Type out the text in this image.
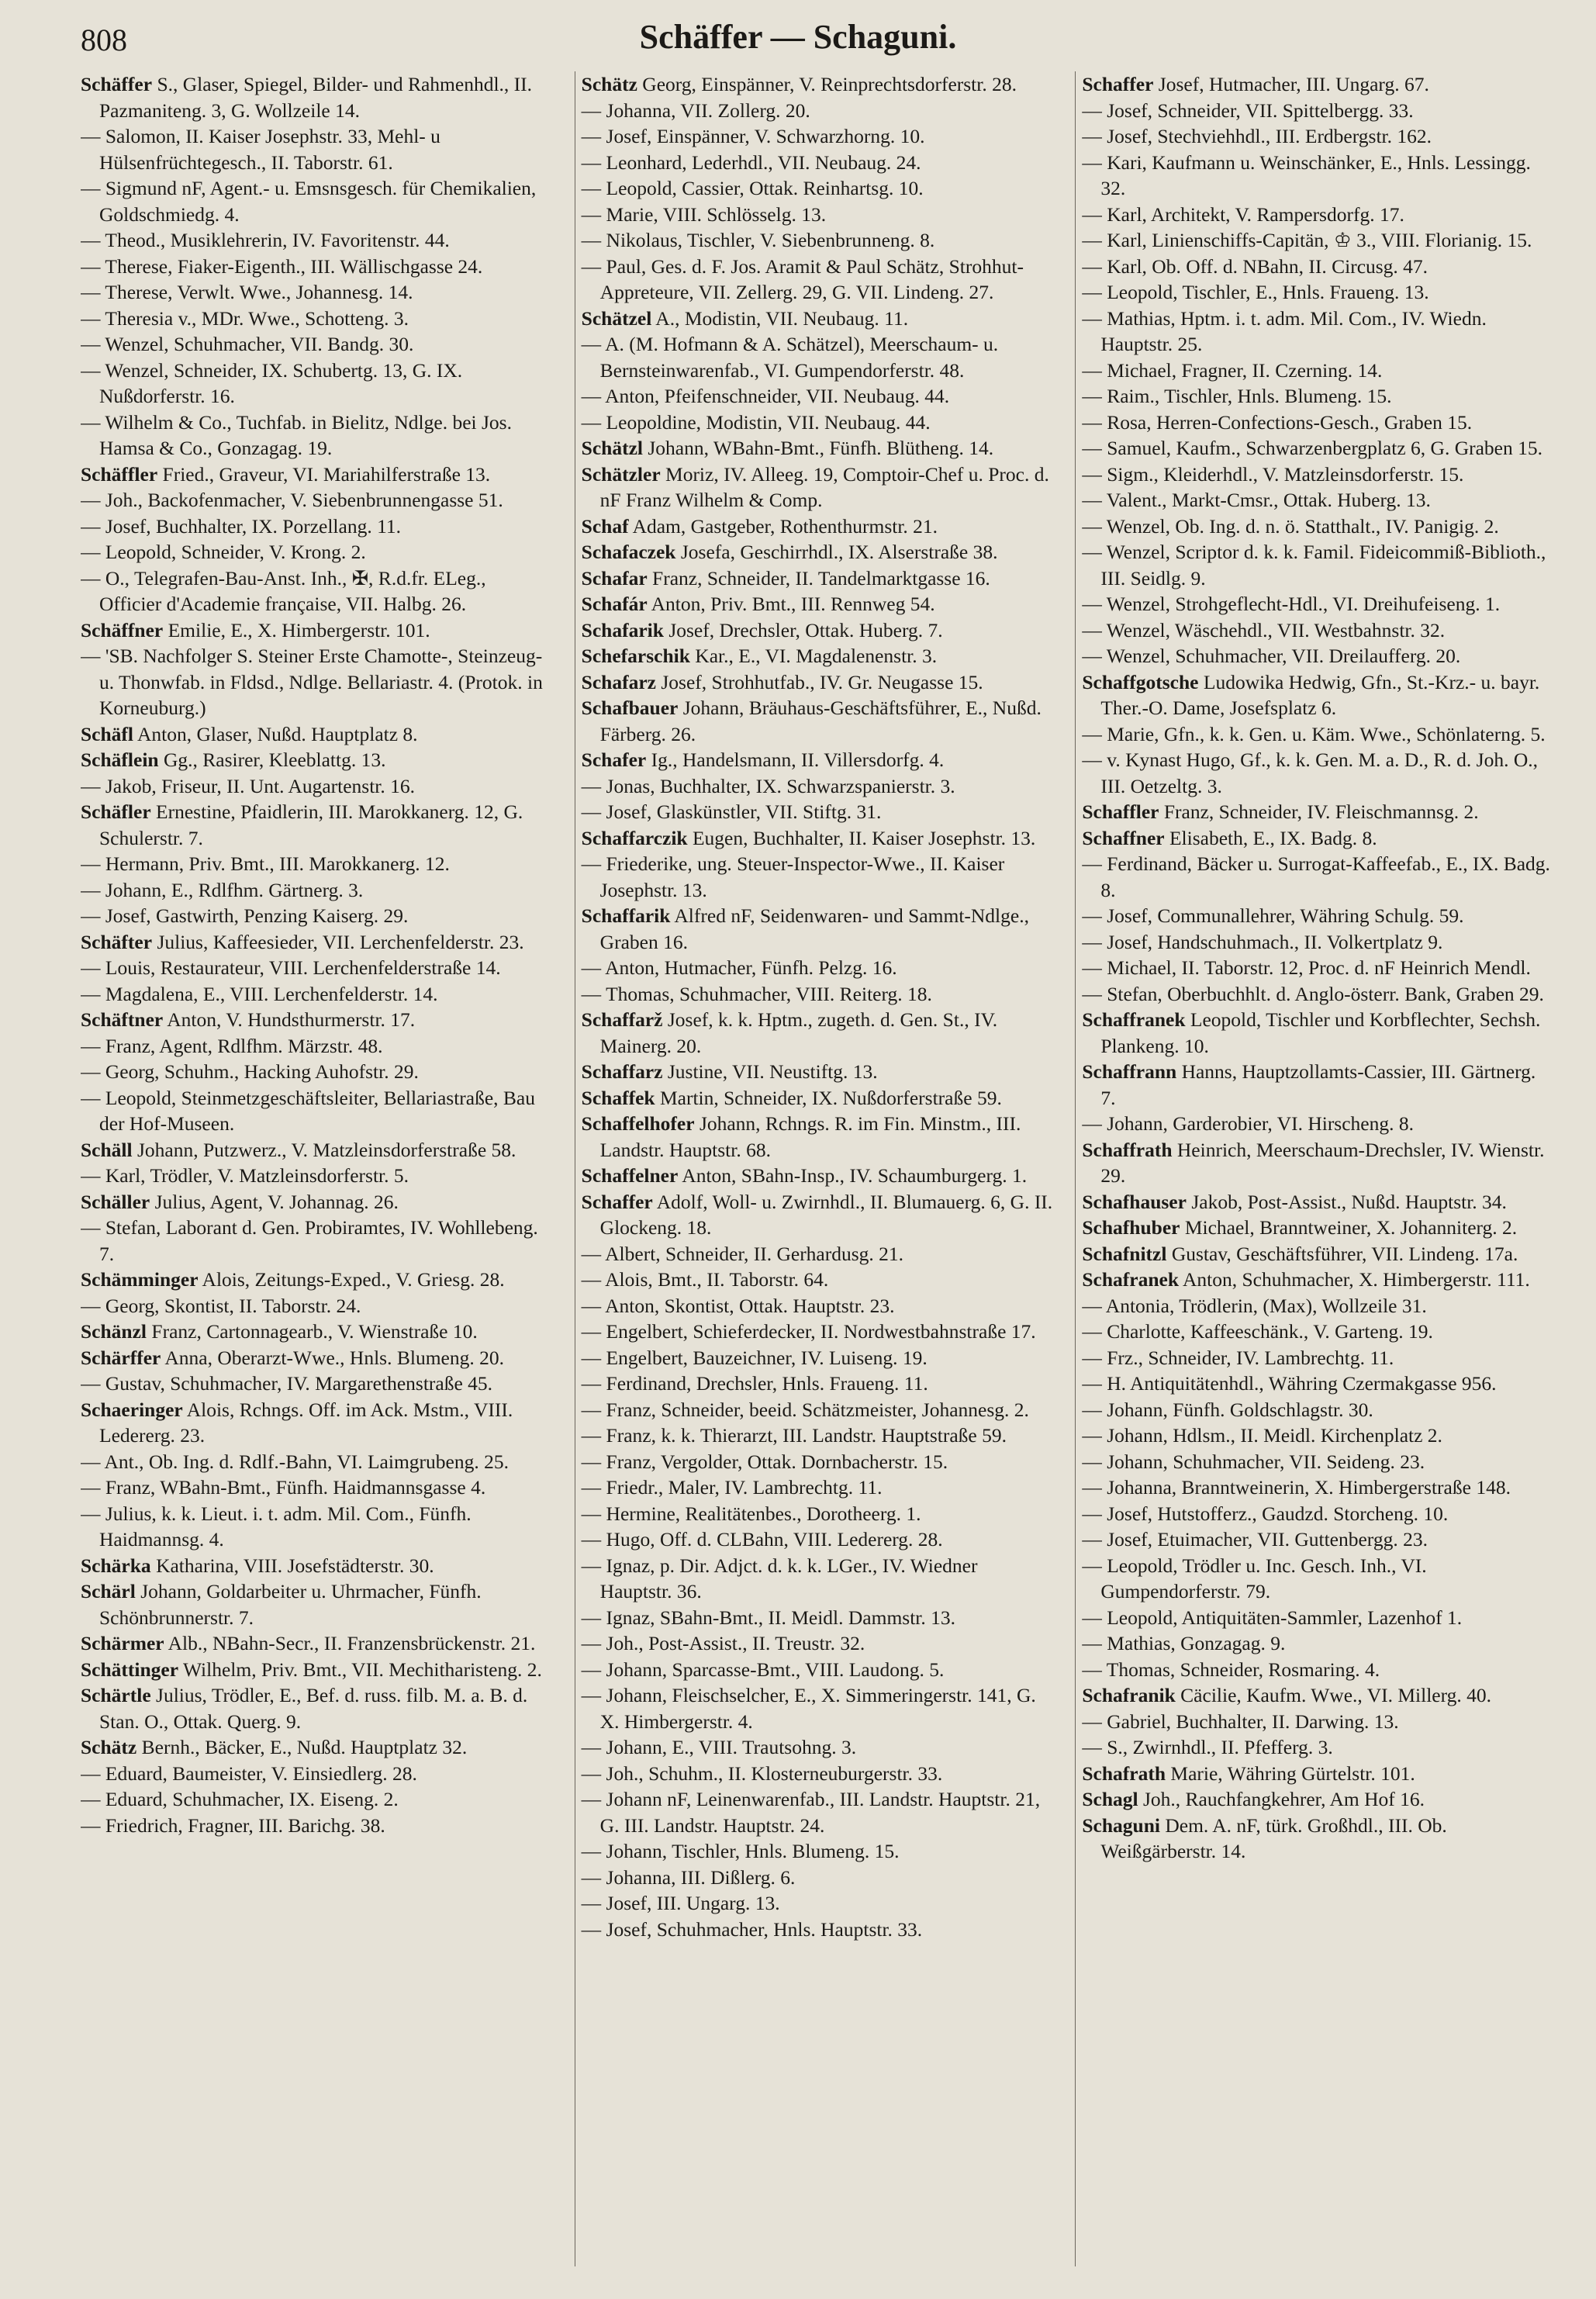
808	Schäffer — Schaguni.
Schäffer S., Glaser, Spiegel, Bilder- und Rahmenhdl., II. Pazmaniteng. 3, G. Wollzeile 14.
— Salomon, II. Kaiser Josephstr. 33, Mehl- u Hülsenfrüchtegesch., II. Taborstr. 61.
— Sigmund nF, Agent.- u. Emsnsgesch. für Chemikalien, Goldschmiedg. 4.
— Theod., Musiklehrerin, IV. Favoritenstr. 44.
— Therese, Fiaker-Eigenth., III. Wällischgasse 24.
— Therese, Verwlt. Wwe., Johannesg. 14.
— Theresia v., MDr. Wwe., Schotteng. 3.
— Wenzel, Schuhmacher, VII. Bandg. 30.
— Wenzel, Schneider, IX. Schubertg. 13, G. IX. Nußdorferstr. 16.
— Wilhelm & Co., Tuchfab. in Bielitz, Ndlge. bei Jos. Hamsa & Co., Gonzagag. 19.
Schäffler Fried., Graveur, VI. Mariahilferstraße 13.
— Joh., Backofenmacher, V. Siebenbrunnengasse 51.
— Josef, Buchhalter, IX. Porzellang. 11.
— Leopold, Schneider, V. Krong. 2.
— O., Telegrafen-Bau-Anst. Inh., ✠, R.d.fr. ELeg., Officier d'Academie française, VII. Halbg. 26.
Schäffner Emilie, E., X. Himbergerstr. 101.
— 'SB. Nachfolger S. Steiner Erste Chamotte-, Steinzeug- u. Thonwfab. in Fldsd., Ndlge. Bellariastr. 4. (Protok. in Korneuburg.)
Schäfl Anton, Glaser, Nußd. Hauptplatz 8.
Schäflein Gg., Rasirer, Kleeblattg. 13.
— Jakob, Friseur, II. Unt. Augartenstr. 16.
Schäfler Ernestine, Pfaidlerin, III. Marokkanerg. 12, G. Schulerstr. 7.
— Hermann, Priv. Bmt., III. Marokkanerg. 12.
— Johann, E., Rdlfhm. Gärtnerg. 3.
— Josef, Gastwirth, Penzing Kaiserg. 29.
Schäfter Julius, Kaffeesieder, VII. Lerchenfelderstr. 23.
— Louis, Restaurateur, VIII. Lerchenfelderstraße 14.
— Magdalena, E., VIII. Lerchenfelderstr. 14.
Schäftner Anton, V. Hundsthurmerstr. 17.
— Franz, Agent, Rdlfhm. Märzstr. 48.
— Georg, Schuhm., Hacking Auhofstr. 29.
— Leopold, Steinmetzgeschäftsleiter, Bellariastraße, Bau der Hof-Museen.
Schäll Johann, Putzwerz., V. Matzleinsdorferstraße 58.
— Karl, Trödler, V. Matzleinsdorferstr. 5.
Schäller Julius, Agent, V. Johannag. 26.
— Stefan, Laborant d. Gen. Probiramtes, IV. Wohllebeng. 7.
Schämminger Alois, Zeitungs-Exped., V. Griesg. 28.
— Georg, Skontist, II. Taborstr. 24.
Schänzl Franz, Cartonnagearb., V. Wienstraße 10.
Schärffer Anna, Oberarzt-Wwe., Hnls. Blumeng. 20.
— Gustav, Schuhmacher, IV. Margarethenstraße 45.
Schaeringer Alois, Rchngs. Off. im Ack. Mstm., VIII. Ledererg. 23.
— Ant., Ob. Ing. d. Rdlf.-Bahn, VI. Laimgrubeng. 25.
— Franz, WBahn-Bmt., Fünfh. Haidmannsgasse 4.
— Julius, k. k. Lieut. i. t. adm. Mil. Com., Fünfh. Haidmannsg. 4.
Schärka Katharina, VIII. Josefstädterstr. 30.
Schärl Johann, Goldarbeiter u. Uhrmacher, Fünfh. Schönbrunnerstr. 7.
Schärmer Alb., NBahn-Secr., II. Franzensbrückenstr. 21.
Schättinger Wilhelm, Priv. Bmt., VII. Mechitharisteng. 2.
Schärtle Julius, Trödler, E., Bef. d. russ. filb. M. a. B. d. Stan. O., Ottak. Querg. 9.
Schätz Bernh., Bäcker, E., Nußd. Hauptplatz 32.
— Eduard, Baumeister, V. Einsiedlerg. 28.
— Eduard, Schuhmacher, IX. Eiseng. 2.
— Friedrich, Fragner, III. Barichg. 38.
Schätz Georg, Einspänner, V. Reinprechtsdorferstr. 28.
— Johanna, VII. Zollerg. 20.
— Josef, Einspänner, V. Schwarzhorng. 10.
— Leonhard, Lederhdl., VII. Neubaug. 24.
— Leopold, Cassier, Ottak. Reinhartsg. 10.
— Marie, VIII. Schlösselg. 13.
— Nikolaus, Tischler, V. Siebenbrunneng. 8.
— Paul, Ges. d. F. Jos. Aramit & Paul Schätz, Strohhut-Appreteure, VII. Zellerg. 29, G. VII. Lindeng. 27.
Schätzel A., Modistin, VII. Neubaug. 11.
— A. (M. Hofmann & A. Schätzel), Meerschaum- u. Bernsteinwarenfab., VI. Gumpendorferstr. 48.
— Anton, Pfeifenschneider, VII. Neubaug. 44.
— Leopoldine, Modistin, VII. Neubaug. 44.
Schätzl Johann, WBahn-Bmt., Fünfh. Blütheng. 14.
Schätzler Moriz, IV. Alleeg. 19, Comptoir-Chef u. Proc. d. nF Franz Wilhelm & Comp.
Schaf Adam, Gastgeber, Rothenthurmstr. 21.
Schafaczek Josefa, Geschirrhdl., IX. Alserstraße 38.
Schafar Franz, Schneider, II. Tandelmarktgasse 16.
Schafár Anton, Priv. Bmt., III. Rennweg 54.
Schafarik Josef, Drechsler, Ottak. Huberg. 7.
Schefarschik Kar., E., VI. Magdalenenstr. 3.
Schafarz Josef, Strohhutfab., IV. Gr. Neugasse 15.
Schafbauer Johann, Bräuhaus-Geschäftsführer, E., Nußd. Färberg. 26.
Schafer Ig., Handelsmann, II. Villersdorfg. 4.
— Jonas, Buchhalter, IX. Schwarzspanierstr. 3.
— Josef, Glaskünstler, VII. Stiftg. 31.
Schaffarczik Eugen, Buchhalter, II. Kaiser Josephstr. 13.
— Friederike, ung. Steuer-Inspector-Wwe., II. Kaiser Josephstr. 13.
Schaffarik Alfred nF, Seidenwaren- und Sammt-Ndlge., Graben 16.
— Anton, Hutmacher, Fünfh. Pelzg. 16.
— Thomas, Schuhmacher, VIII. Reiterg. 18.
Schaffarž Josef, k. k. Hptm., zugeth. d. Gen. St., IV. Mainerg. 20.
Schaffarz Justine, VII. Neustiftg. 13.
Schaffek Martin, Schneider, IX. Nußdorferstraße 59.
Schaffelhofer Johann, Rchngs. R. im Fin. Minstm., III. Landstr. Hauptstr. 68.
Schaffelner Anton, SBahn-Insp., IV. Schaumburgerg. 1.
Schaffer Adolf, Woll- u. Zwirnhdl., II. Blumauerg. 6, G. II. Glockeng. 18.
— Albert, Schneider, II. Gerhardusg. 21.
— Alois, Bmt., II. Taborstr. 64.
— Anton, Skontist, Ottak. Hauptstr. 23.
— Engelbert, Schieferdecker, II. Nordwestbahnstraße 17.
— Engelbert, Bauzeichner, IV. Luiseng. 19.
— Ferdinand, Drechsler, Hnls. Fraueng. 11.
— Franz, Schneider, beeid. Schätzmeister, Johannesg. 2.
— Franz, k. k. Thierarzt, III. Landstr. Hauptstraße 59.
— Franz, Vergolder, Ottak. Dornbacherstr. 15.
— Friedr., Maler, IV. Lambrechtg. 11.
— Hermine, Realitätenbes., Dorotheerg. 1.
— Hugo, Off. d. CLBahn, VIII. Ledererg. 28.
— Ignaz, p. Dir. Adjct. d. k. k. LGer., IV. Wiedner Hauptstr. 36.
— Ignaz, SBahn-Bmt., II. Meidl. Dammstr. 13.
— Joh., Post-Assist., II. Treustr. 32.
— Johann, Sparcasse-Bmt., VIII. Laudong. 5.
— Johann, Fleischselcher, E., X. Simmeringerstr. 141, G. X. Himbergerstr. 4.
— Johann, E., VIII. Trautsohng. 3.
— Joh., Schuhm., II. Klosterneuburgerstr. 33.
— Johann nF, Leinenwarenfab., III. Landstr. Hauptstr. 21, G. III. Landstr. Hauptstr. 24.
— Johann, Tischler, Hnls. Blumeng. 15.
— Johanna, III. Dißlerg. 6.
— Josef, III. Ungarg. 13.
— Josef, Schuhmacher, Hnls. Hauptstr. 33.
Schaffer Josef, Hutmacher, III. Ungarg. 67.
— Josef, Schneider, VII. Spittelbergg. 33.
— Josef, Stechviehhdl., III. Erdbergstr. 162.
— Kari, Kaufmann u. Weinschänker, E., Hnls. Lessingg. 32.
— Karl, Architekt, V. Rampersdorfg. 17.
— Karl, Linienschiffs-Capitän, ♔ 3., VIII. Florianig. 15.
— Karl, Ob. Off. d. NBahn, II. Circusg. 47.
— Leopold, Tischler, E., Hnls. Fraueng. 13.
— Mathias, Hptm. i. t. adm. Mil. Com., IV. Wiedn. Hauptstr. 25.
— Michael, Fragner, II. Czerning. 14.
— Raim., Tischler, Hnls. Blumeng. 15.
— Rosa, Herren-Confections-Gesch., Graben 15.
— Samuel, Kaufm., Schwarzenbergplatz 6, G. Graben 15.
— Sigm., Kleiderhdl., V. Matzleinsdorferstr. 15.
— Valent., Markt-Cmsr., Ottak. Huberg. 13.
— Wenzel, Ob. Ing. d. n. ö. Statthalt., IV. Panigig. 2.
— Wenzel, Scriptor d. k. k. Famil. Fideicommiß-Biblioth., III. Seidlg. 9.
— Wenzel, Strohgeflecht-Hdl., VI. Dreihufeiseng. 1.
— Wenzel, Wäschehdl., VII. Westbahnstr. 32.
— Wenzel, Schuhmacher, VII. Dreilaufferg. 20.
Schaffgotsche Ludowika Hedwig, Gfn., St.-Krz.- u. bayr. Ther.-O. Dame, Josefsplatz 6.
— Marie, Gfn., k. k. Gen. u. Käm. Wwe., Schönlaterng. 5.
— v. Kynast Hugo, Gf., k. k. Gen. M. a. D., R. d. Joh. O., III. Oetzeltg. 3.
Schaffler Franz, Schneider, IV. Fleischmannsg. 2.
Schaffner Elisabeth, E., IX. Badg. 8.
— Ferdinand, Bäcker u. Surrogat-Kaffeefab., E., IX. Badg. 8.
— Josef, Communallehrer, Währing Schulg. 59.
— Josef, Handschuhmach., II. Volkertplatz 9.
— Michael, II. Taborstr. 12, Proc. d. nF Heinrich Mendl.
— Stefan, Oberbuchhlt. d. Anglo-österr. Bank, Graben 29.
Schaffranek Leopold, Tischler und Korbflechter, Sechsh. Plankeng. 10.
Schaffrann Hanns, Hauptzollamts-Cassier, III. Gärtnerg. 7.
— Johann, Garderobier, VI. Hirscheng. 8.
Schaffrath Heinrich, Meerschaum-Drechsler, IV. Wienstr. 29.
Schafhauser Jakob, Post-Assist., Nußd. Hauptstr. 34.
Schafhuber Michael, Branntweiner, X. Johanniterg. 2.
Schafnitzl Gustav, Geschäftsführer, VII. Lindeng. 17a.
Schafranek Anton, Schuhmacher, X. Himbergerstr. 111.
— Antonia, Trödlerin, (Max), Wollzeile 31.
— Charlotte, Kaffeeschänk., V. Garteng. 19.
— Frz., Schneider, IV. Lambrechtg. 11.
— H. Antiquitätenhdl., Währing Czermakgasse 956.
— Johann, Fünfh. Goldschlagstr. 30.
— Johann, Hdlsm., II. Meidl. Kirchenplatz 2.
— Johann, Schuhmacher, VII. Seideng. 23.
— Johanna, Branntweinerin, X. Himbergerstraße 148.
— Josef, Hutstofferz., Gaudzd. Storcheng. 10.
— Josef, Etuimacher, VII. Guttenbergg. 23.
— Leopold, Trödler u. Inc. Gesch. Inh., VI. Gumpendorferstr. 79.
— Leopold, Antiquitäten-Sammler, Lazenhof 1.
— Mathias, Gonzagag. 9.
— Thomas, Schneider, Rosmaring. 4.
Schafranik Cäcilie, Kaufm. Wwe., VI. Millerg. 40.
— Gabriel, Buchhalter, II. Darwing. 13.
— S., Zwirnhdl., II. Pfefferg. 3.
Schafrath Marie, Währing Gürtelstr. 101.
Schagl Joh., Rauchfangkehrer, Am Hof 16.
Schaguni Dem. A. nF, türk. Großhdl., III. Ob. Weißgärberstr. 14.
